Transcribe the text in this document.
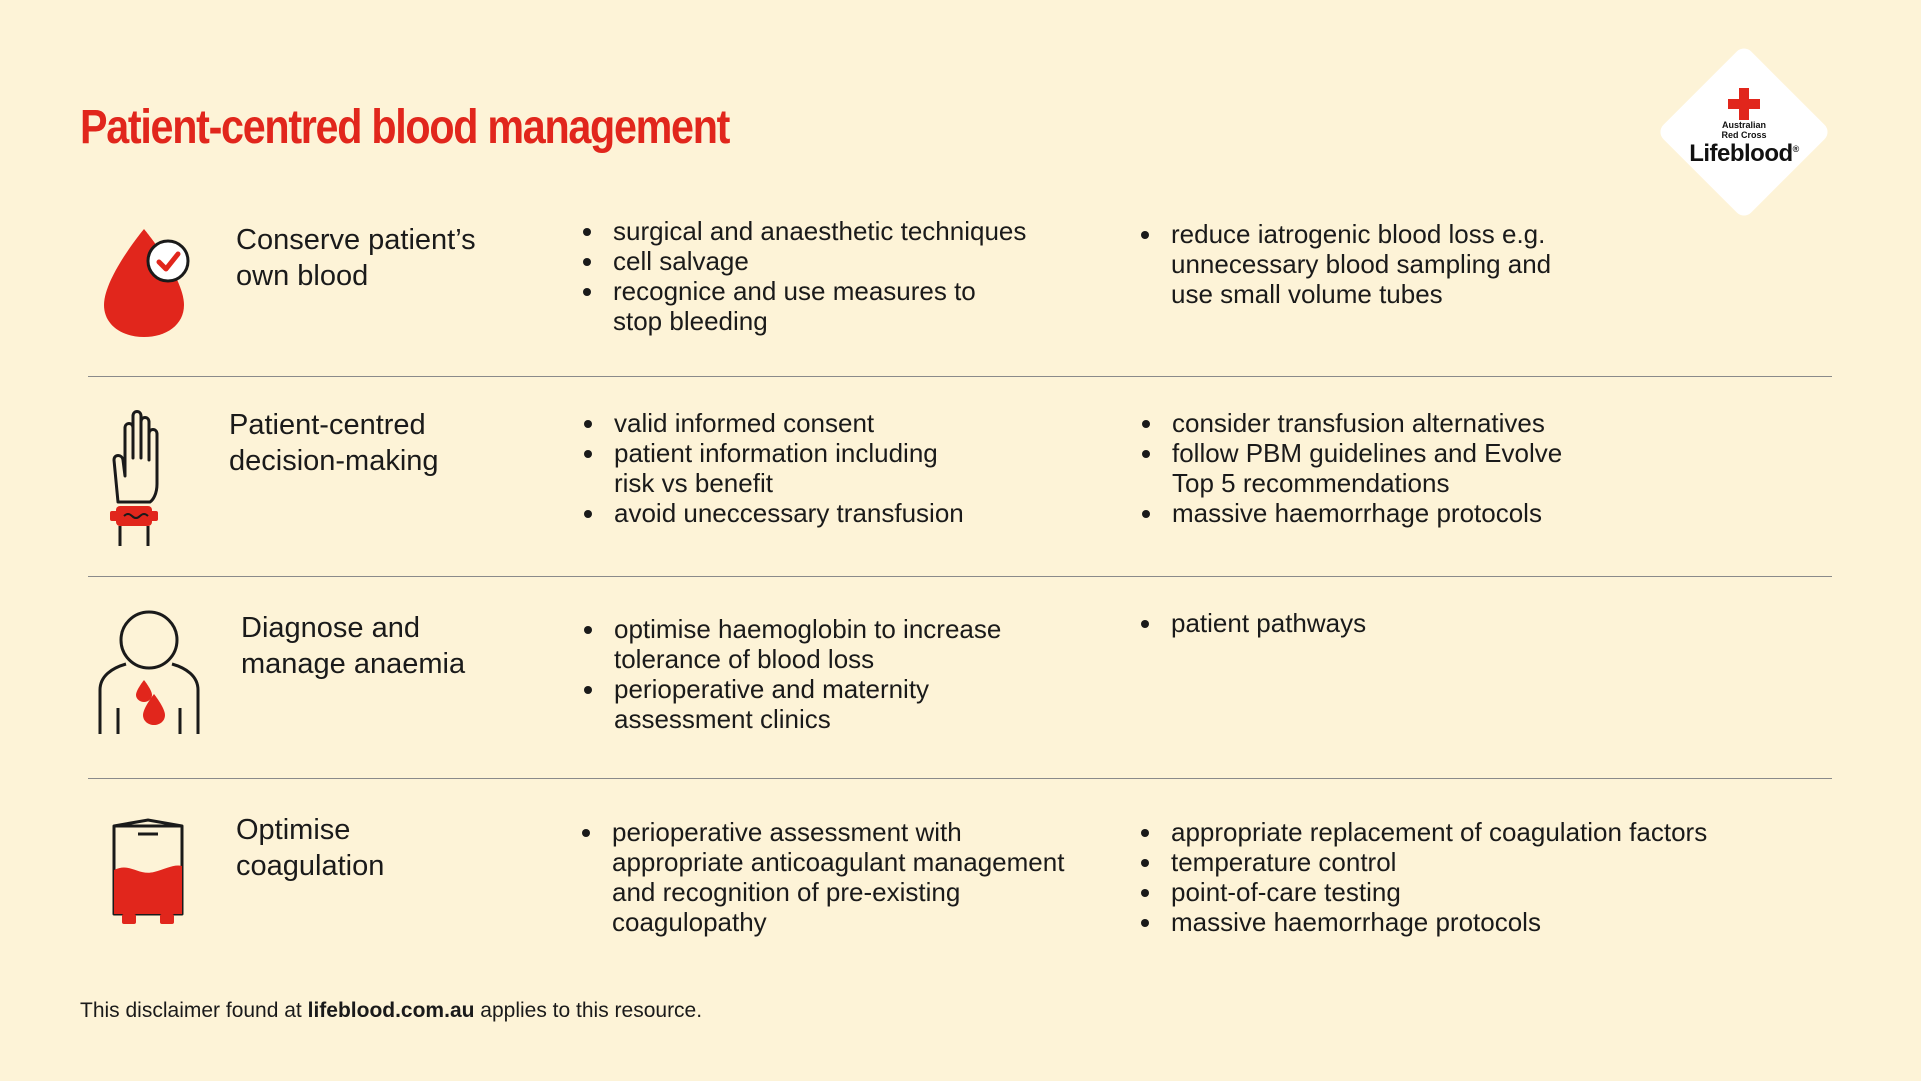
Patient-centred blood management	Australian
Red Cross
Lifeblood®
Conserve patient’s
own blood
surgical and anaesthetic techniques
cell salvage
recognice and use measures to
stop bleeding
reduce iatrogenic blood loss e.g.
unnecessary blood sampling and
use small volume tubes
Patient-centred
decision-making
valid informed consent
patient information including
risk vs benefit
avoid uneccessary transfusion
consider transfusion alternatives
follow PBM guidelines and Evolve
Top 5 recommendations
massive haemorrhage protocols
Diagnose and
manage anaemia
optimise haemoglobin to increase
tolerance of blood loss
perioperative and maternity
assessment clinics
patient pathways
Optimise
coagulation
perioperative assessment with
appropriate anticoagulant management
and recognition of pre-existing
coagulopathy
appropriate replacement of coagulation factors
temperature control
point-of-care testing
massive haemorrhage protocols
This disclaimer found at lifeblood.com.au applies to this resource.
